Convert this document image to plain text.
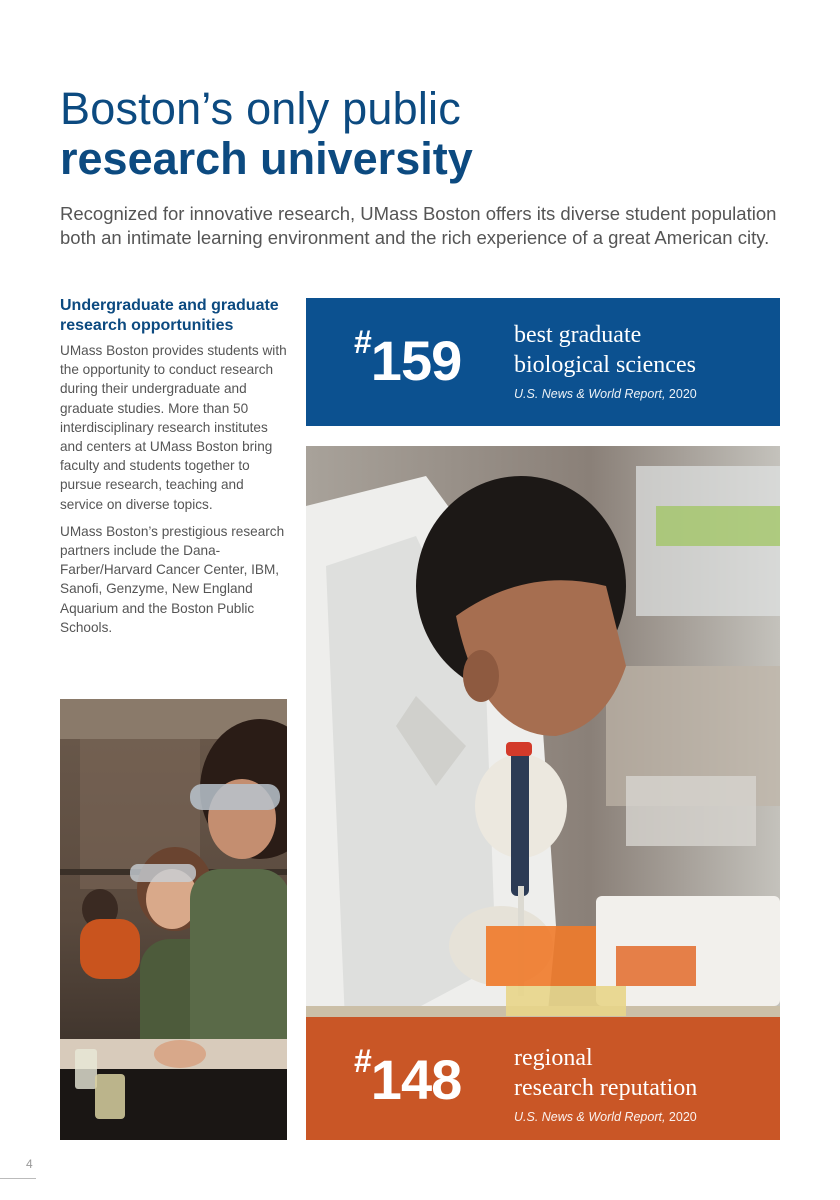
Boston’s only public
research university

Recognized for innovative research, UMass Boston offers its diverse student population both an intimate learning environment and the rich experience of a great American city.

Undergraduate and graduate research opportunities

UMass Boston provides students with the opportunity to conduct research during their undergraduate and graduate studies. More than 50 interdisciplinary research institutes and centers at UMass Boston bring faculty and students together to pursue research, teaching and service on diverse topics.

UMass Boston’s prestigious research partners include the Dana-Farber/Harvard Cancer Center, IBM, Sanofi, Genzyme, New England Aquarium and the Boston Public Schools.

#159 best graduate
biological sciences
U.S. News & World Report, 2020
#148 regional
research reputation
U.S. News & World Report, 2020
4
